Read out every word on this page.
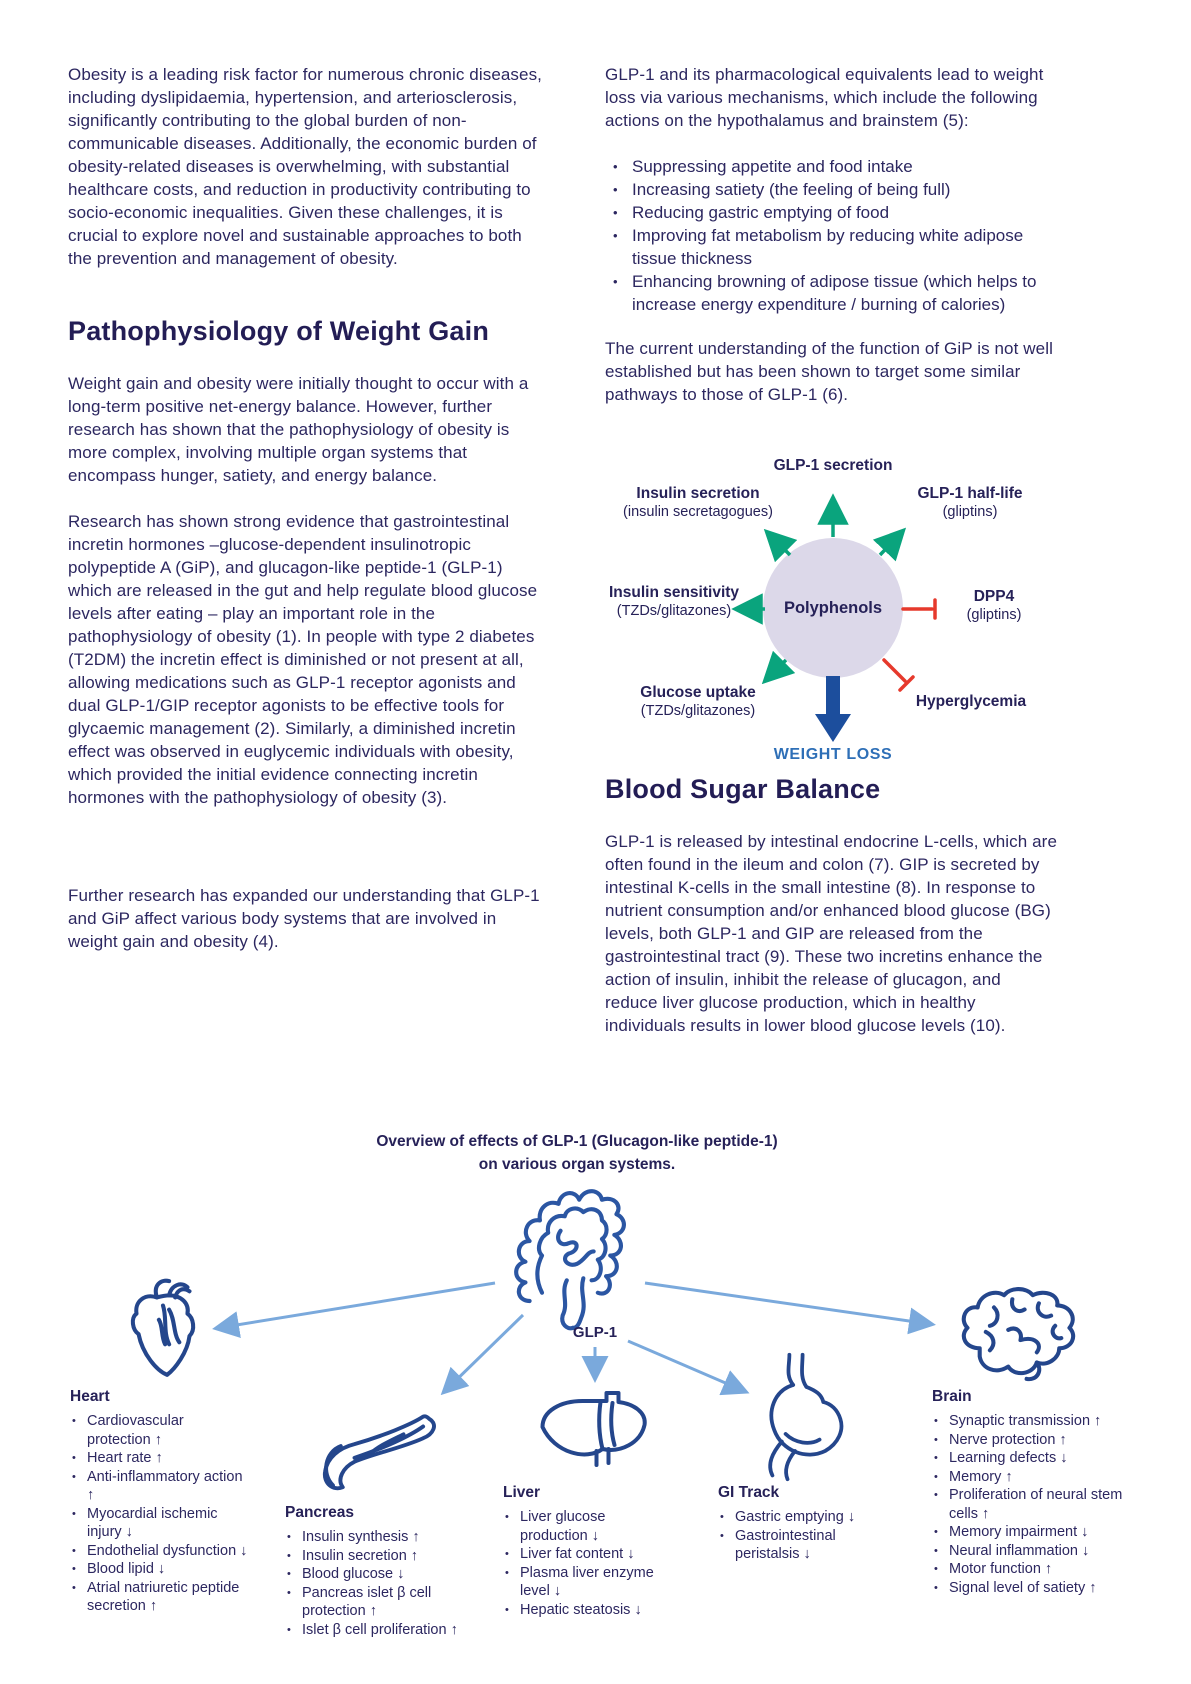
Obesity is a leading risk factor for numerous chronic diseases, including dyslipidaemia, hypertension, and arteriosclerosis, significantly contributing to the global burden of non-communicable diseases. Additionally, the economic burden of obesity-related diseases is overwhelming, with substantial healthcare costs, and reduction in productivity contributing to socio-economic inequalities. Given these challenges, it is crucial to explore novel and sustainable approaches to both the prevention and management of obesity.

Pathophysiology of Weight Gain

Weight gain and obesity were initially thought to occur with a long-term positive net-energy balance. However, further research has shown that the pathophysiology of obesity is more complex, involving multiple organ systems that encompass hunger, satiety, and energy balance.

Research has shown strong evidence that gastrointestinal incretin hormones –glucose-dependent insulinotropic polypeptide A (GiP), and glucagon-like peptide-1 (GLP-1) which are released in the gut and help regulate blood glucose levels after eating – play an important role in the pathophysiology of obesity (1). In people with type 2 diabetes (T2DM) the incretin effect is diminished or not present at all, allowing medications such as GLP-1 receptor agonists and dual GLP-1/GIP receptor agonists to be effective tools for glycaemic management (2). Similarly, a diminished incretin effect was observed in euglycemic individuals with obesity, which provided the initial evidence connecting incretin hormones with the pathophysiology of obesity (3).

Further research has expanded our understanding that GLP-1 and GiP affect various body systems that are involved in weight gain and obesity (4).

GLP-1 and its pharmacological equivalents lead to weight loss via various mechanisms, which include the following actions on the hypothalamus and brainstem (5):

• Suppressing appetite and food intake
• Increasing satiety (the feeling of being full)
• Reducing gastric emptying of food
• Improving fat metabolism by reducing white adipose tissue thickness
• Enhancing browning of adipose tissue (which helps to increase energy expenditure / burning of calories)

The current understanding of the function of GiP is not well established but has been shown to target some similar pathways to those of GLP-1 (6).

GLP-1 secretion
Insulin secretion
(insulin secretagogues)
GLP-1 half-life
(gliptins)
Insulin sensitivity
(TZDs/glitazones)
DPP4
(gliptins)
Glucose uptake
(TZDs/glitazones)
Hyperglycemia
Polyphenols
WEIGHT LOSS
Blood Sugar Balance

GLP-1 is released by intestinal endocrine L-cells, which are often found in the ileum and colon (7). GIP is secreted by intestinal K-cells in the small intestine (8). In response to nutrient consumption and/or enhanced blood glucose (BG) levels, both GLP-1 and GIP are released from the gastrointestinal tract (9). These two incretins enhance the action of insulin, inhibit the release of glucagon, and reduce liver glucose production, which in healthy individuals results in lower blood glucose levels (10).

Overview of effects of GLP-1 (Glucagon-like peptide-1)
on various organ systems.
GLP-1
Heart
• Cardiovascular protection ↑
• Heart rate ↑
• Anti-inflammatory action ↑
• Myocardial ischemic injury ↓
• Endothelial dysfunction ↓
• Blood lipid ↓
• Atrial natriuretic peptide secretion ↑
Pancreas
• Insulin synthesis ↑
• Insulin secretion ↑
• Blood glucose ↓
• Pancreas islet β cell protection ↑
• Islet β cell proliferation ↑
Liver
• Liver glucose production ↓
• Liver fat content ↓
• Plasma liver enzyme level ↓
• Hepatic steatosis ↓
GI Track
• Gastric emptying ↓
• Gastrointestinal peristalsis ↓
Brain
• Synaptic transmission ↑
• Nerve protection ↑
• Learning defects ↓
• Memory ↑
• Proliferation of neural stem cells ↑
• Memory impairment ↓
• Neural inflammation ↓
• Motor function ↑
• Signal level of satiety ↑
